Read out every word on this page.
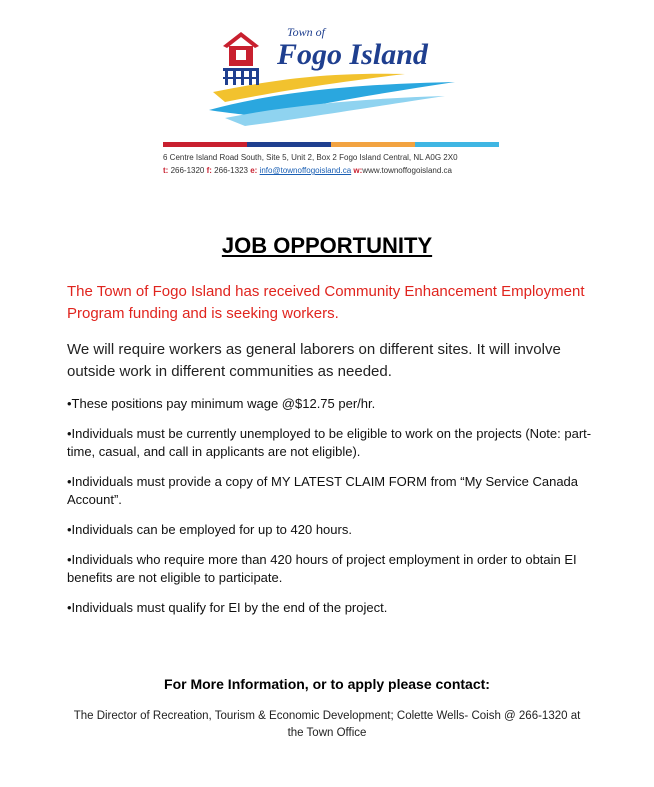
Town of
Fogo Island
6 Centre Island Road South, Site 5, Unit 2, Box 2 Fogo Island Central, NL A0G 2X0
t: 266-1320 f: 266-1323 e: info@townoffogoisland.ca w:www.townoffogoisland.ca
JOB OPPORTUNITY
The Town of Fogo Island has received Community Enhancement Employment Program funding and is seeking workers.
We will require workers as general laborers on different sites. It will involve outside work in different communities as needed.
•These positions pay minimum wage @$12.75 per/hr.
•Individuals must be currently unemployed to be eligible to work on the projects (Note: part-time, casual, and call in applicants are not eligible).
•Individuals must provide a copy of MY LATEST CLAIM FORM from “My Service Canada Account”.
•Individuals can be employed for up to 420 hours.
•Individuals who require more than 420 hours of project employment in order to obtain EI benefits are not eligible to participate.
•Individuals must qualify for EI by the end of the project.
For More Information, or to apply please contact:
The Director of Recreation, Tourism & Economic Development; Colette Wells- Coish @ 266-1320 at the Town Office
